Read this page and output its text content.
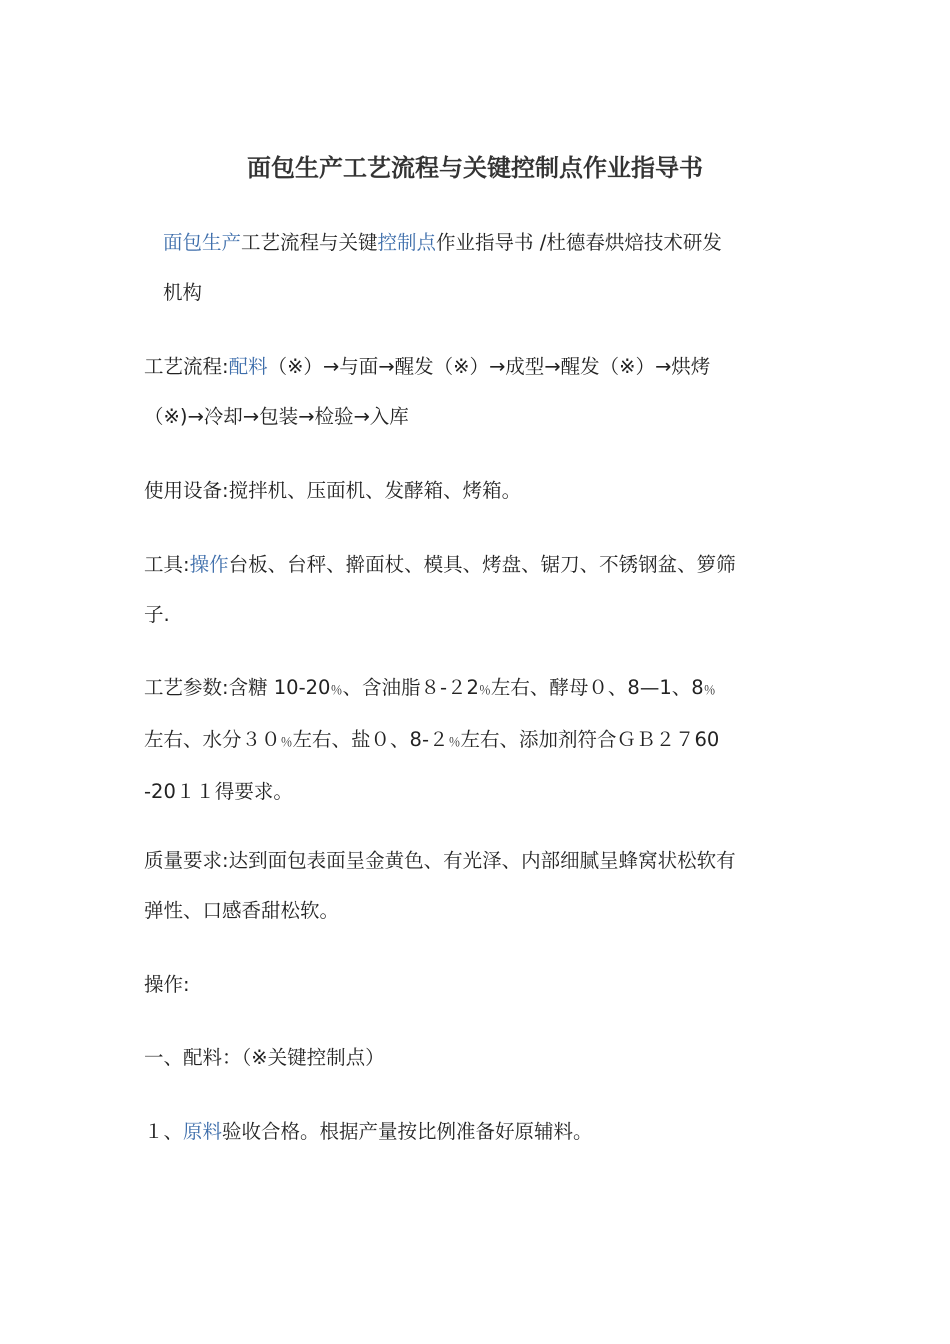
面包生产工艺流程与关键控制点作业指导书

面包生产工艺流程与关键控制点作业指导书 /杜德春烘焙技术研发
机构

工艺流程:配料（※）→与面→醒发（※）→成型→醒发（※）→烘烤
（※)→冷却→包装→检验→入库

使用设备:搅拌机、压面机、发酵箱、烤箱。

工具:操作台板、台秤、擀面杖、模具、烤盘、锯刀、不锈钢盆、箩筛
子.

工艺参数:含糖 10-20％、含油脂８-２2％左右、酵母０、8—1、8％
左右、水分３０％左右、盐０、8-２％左右、添加剂符合ＧＢ２７60
-20１１得要求。

质量要求:达到面包表面呈金黄色、有光泽、内部细腻呈蜂窝状松软有
弹性、口感香甜松软。

操作:

一、配料：（※关键控制点）

１、原料验收合格。根据产量按比例准备好原辅料。
